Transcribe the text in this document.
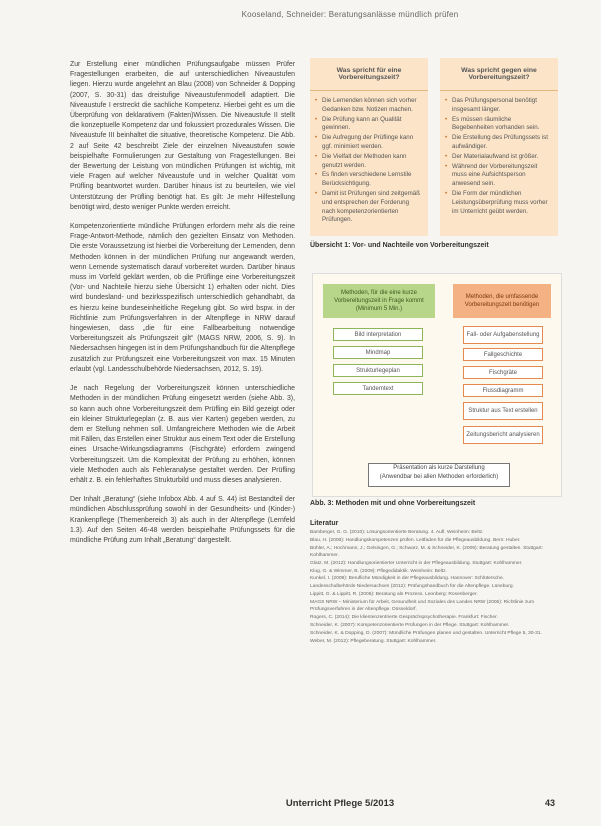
Kooseland, Schneider: Beratungsanlässe mündlich prüfen

Zur Erstellung einer mündlichen Prüfungsaufgabe müssen Prüfer Fragestellungen erarbeiten, die auf unterschiedlichen Niveaustufen liegen. Hierzu wurde angelehnt an Blau (2008) von Schneider & Dopping (2007, S. 30-31) das dreistufige Niveaustufenmodell adaptiert. Die Niveaustufe I erstreckt die sachliche Kompetenz. Hierbei geht es um die Überprüfung von deklarativem (Fakten)Wissen. Die Niveaustufe II stellt die konzeptuelle Kompetenz dar und fokussiert prozedurales Wissen. Die Niveaustufe III beinhaltet die situative, theoretische Kompetenz. Die Abb. 2 auf Seite 42 beschreibt Ziele der einzelnen Niveaustufen sowie beispielhafte Formulierungen zur Gestaltung von Fragestellungen. Bei der Bewertung der Leistung von mündlichen Prüfungen ist wichtig, mit viele Fragen auf welcher Niveaustufe und in welcher Qualität vom Prüfling beantwortet wurden. Darüber hinaus ist zu beurteilen, wie viel Unterstützung der Prüfling benötigt hat. Es gilt: Je mehr Hilfestellung benötigt wird, desto weniger Punkte werden erreicht.

Kompetenzorientierte mündliche Prüfungen erfordern mehr als die reine Frage-Antwort-Methode, nämlich den gezielten Einsatz von Methoden. Die erste Voraussetzung ist hierbei die Vorbereitung der Lernenden, denn Methoden können in der mündlichen Prüfung nur angewandt werden, wenn Lernende systematisch darauf vorbereitet wurden. Darüber hinaus muss im Vorfeld geklärt werden, ob die Prüflinge eine Vorbereitungszeit (Vor- und Nachteile hierzu siehe Übersicht 1) erhalten oder nicht. Dies wird bundesland- und bezirksspezifisch unterschiedlich gehandhabt, da es hierzu keine bundeseinheitliche Regelung gibt. So wird bspw. in der Richtlinie zum Prüfungsverfahren in der Altenpflege in NRW darauf hingewiesen, dass „die für eine Fallbearbeitung notwendige Vorbereitungszeit als Prüfungszeit gilt“ (MAGS NRW, 2006, S. 9). In Niedersachsen hingegen ist in dem Prüfungshandbuch für die Altenpflege zusätzlich zur Prüfungszeit eine Vorbereitungszeit von max. 15 Minuten erlaubt (vgl. Landesschulbehörde Niedersachsen, 2012, S. 19).

Je nach Regelung der Vorbereitungszeit können unterschiedliche Methoden in der mündlichen Prüfung eingesetzt werden (siehe Abb. 3), so kann auch ohne Vorbereitungszeit dem Prüfling ein Bild gezeigt oder ein kleiner Strukturlegeplan (z. B. aus vier Karten) gegeben werden, zu dem er Stellung nehmen soll. Umfangreichere Methoden wie die Arbeit mit Fällen, das Erstellen einer Struktur aus einem Text oder die Erstellung eines Ursache-Wirkungsdiagramms (Fischgräte) erfordern zwingend Vorbereitungszeit. Um die Komplexität der Prüfung zu erhöhen, können viele Methoden auch als Fehleranalyse gestaltet werden. Der Prüfling erhält z. B. ein fehlerhaftes Strukturbild und muss dieses analysieren.

Der Inhalt „Beratung“ (siehe Infobox Abb. 4 auf S. 44) ist Bestandteil der mündlichen Abschlussprüfung sowohl in der Gesundheits- und (Kinder-) Krankenpflege (Themenbereich 3) als auch in der Altenpflege (Lernfeld 1.3). Auf den Seiten 46-48 werden beispielhafte Prüfungssets für die mündliche Prüfung zum Inhalt „Beratung“ dargestellt.

Was spricht für eine Vorbereitungszeit?
• Die Lernenden können sich vorher Gedanken bzw. Notizen machen.
• Die Prüfung kann an Qualität gewinnen.
• Die Aufregung der Prüflinge kann ggf. minimiert werden.
• Die Vielfalt der Methoden kann genutzt werden.
• Es finden verschiedene Lernstile Berücksichtigung.
• Damit ist Prüfungen sind zeitgemäß und entsprechen der Forderung nach kompetenzorientierten Prüfungen.
Was spricht gegen eine Vorbereitungszeit?
• Das Prüfungspersonal benötigt insgesamt länger.
• Es müssen räumliche Begebenheiten vorhanden sein.
• Die Erstellung des Prüfungssets ist aufwändiger.
• Der Materialaufwand ist größer.
• Während der Vorbereitungszeit muss eine Aufsichtsperson anwesend sein.
• Die Form der mündlichen Leistungsüberprüfung muss vorher im Unterricht geübt werden.
Übersicht 1: Vor- und Nachteile von Vorbereitungszeit
Methoden, für die eine kurze Vorbereitungszeit in Frage kommt (Minimum 5 Min.)
Methoden, die umfassende Vorbereitungszeit benötigen
Bild interpretation
Mindmap
Strukturlegeplan
Tandemtext
Fall- oder Aufgabenstellung
Fallgeschichte
Fischgräte
Flussdiagramm
Struktur aus Text erstellen
Zeitungsbericht analysieren
Präsentation als kurze Darstellung
(Anwendbar bei allen Methoden erforderlich)
Abb. 3: Methoden mit und ohne Vorbereitungszeit
Literatur
Bamberger, G. G. (2010): Lösungsorientierte Beratung. 4. Aufl. Weinheim: Beltz.
Blau, H. (2008): Handlungskompetenzen prüfen. Leitfaden für die Pflegeausbildung. Bern: Huber.
Bühler, A.; Hochmann, J.; Gelsingen, G.; Schwarz, M. & Schneider, K. (2009): Beratung gestalten. Stuttgart: Kohlhammer.
Glatz, M. (2012): Handlungsorientierter Unterricht in der Pflegeausbildung. Stuttgart: Kohlhammer.
Klug, G. & Wimmer, B. (2009): Pflegedidaktik. Weinheim: Beltz.
Kunkel, I. (2008): Berufliche Mündigkeit in der Pflegeausbildung. Hannover: Schlütersche.
Landesschulbehörde Niedersachsen (2012): Prüfungshandbuch für die Altenpflege. Lüneburg.
Lippitt, G. & Lippitt, R. (2006): Beratung als Prozess. Leonberg: Rosenberger.
MAGS NRW – Ministerium für Arbeit, Gesundheit und Soziales des Landes NRW (2006): Richtlinie zum Prüfungsverfahren in der Altenpflege. Düsseldorf.
Rogers, C. (2014): Die klientenzentrierte Gesprächspsychotherapie. Frankfurt: Fischer.
Schneider, K. (2007): Kompetenzorientierte Prüfungen in der Pflege. Stuttgart: Kohlhammer.
Schneider, K. & Dopping, D. (2007): Mündliche Prüfungen planen und gestalten. Unterricht Pflege 5, 30-31.
Weber, M. (2012): Pflegeberatung. Stuttgart: Kohlhammer.
Unterricht Pflege 5/2013	43
